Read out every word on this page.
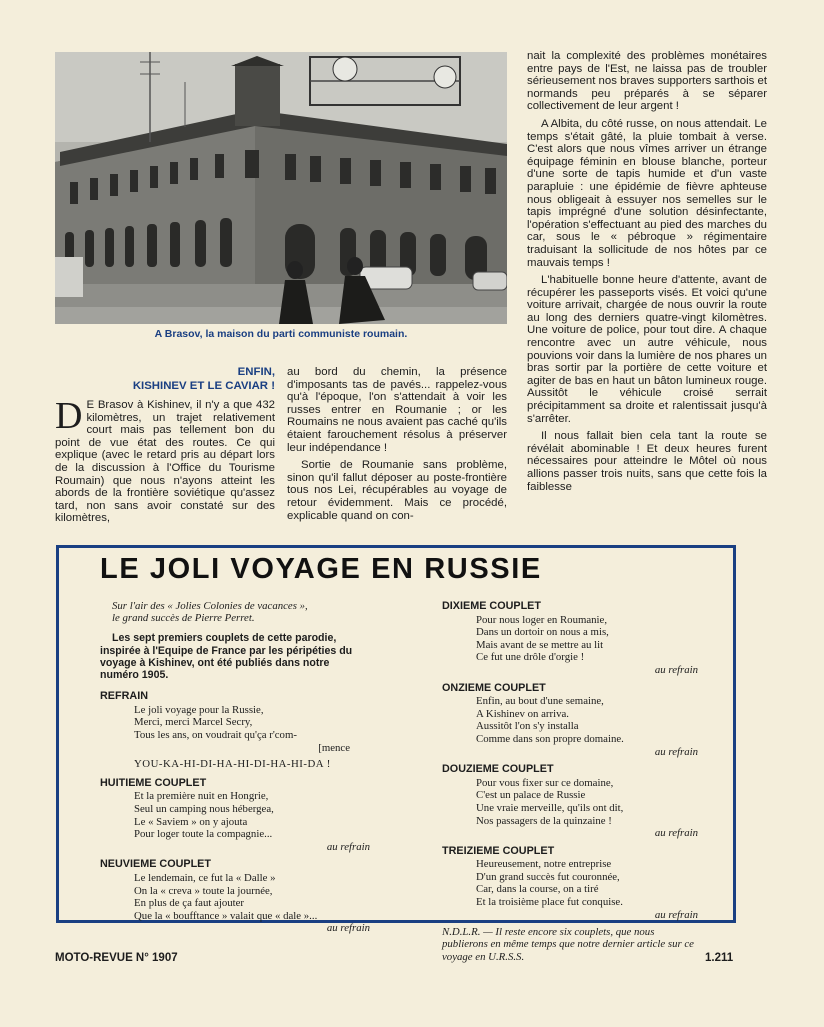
A Brasov, la maison du parti communiste roumain.
ENFIN,
KISHINEV ET LE CAVIAR !

D E Brasov à Kishinev, il n'y a que 432 kilomètres, un trajet relativement court mais pas tellement bon du point de vue état des routes. Ce qui explique (avec le retard pris au départ lors de la discussion à l'Office du Tourisme Roumain) que nous n'ayons atteint les abords de la frontière soviétique qu'assez tard, non sans avoir constaté sur des kilomètres,

au bord du chemin, la présence d'imposants tas de pavés... rappelez-vous qu'à l'époque, l'on s'attendait à voir les russes entrer en Roumanie ; or les Roumains ne nous avaient pas caché qu'ils étaient farouchement résolus à préserver leur indépendance !

Sortie de Roumanie sans problème, sinon qu'il fallut déposer au poste-frontière tous nos Lei, récupérables au voyage de retour évidemment. Mais ce procédé, explicable quand on con-

nait la complexité des problèmes monétaires entre pays de l'Est, ne laissa pas de troubler sérieusement nos braves supporters sarthois et normands peu préparés à se séparer collectivement de leur argent !

A Albita, du côté russe, on nous attendait. Le temps s'était gâté, la pluie tombait à verse. C'est alors que nous vîmes arriver un étrange équipage féminin en blouse blanche, porteur d'une sorte de tapis humide et d'un vaste parapluie : une épidémie de fièvre aphteuse nous obligeait à essuyer nos semelles sur le tapis imprégné d'une solution désinfectante, l'opération s'effectuant au pied des marches du car, sous le « pébroque » régimentaire traduisant la sollicitude de nos hôtes par ce mauvais temps !

L'habituelle bonne heure d'attente, avant de récupérer les passeports visés. Et voici qu'une voiture arrivait, chargée de nous ouvrir la route au long des derniers quatre-vingt kilomètres. Une voiture de police, pour tout dire. A chaque rencontre avec un autre véhicule, nous pouvions voir dans la lumière de nos phares un bras sortir par la portière de cette voiture et agiter de bas en haut un bâton lumineux rouge. Aussitôt le véhicule croisé serrait précipitamment sa droite et ralentissait jusqu'à s'arrêter.

Il nous fallait bien cela tant la route se révélait abominable ! Et deux heures furent nécessaires pour atteindre le Môtel où nous allions passer trois nuits, sans que cette fois la faiblesse

LE JOLI VOYAGE EN RUSSIE
Sur l'air des « Jolies Colonies de vacances »,
le grand succès de Pierre Perret.
Les sept premiers couplets de cette parodie, inspirée à l'Equipe de France par les péripéties du voyage à Kishinev, ont été publiés dans notre numéro 1905.
REFRAIN
Le joli voyage pour la Russie,
Merci, merci Marcel Secry,
Tous les ans, on voudrait qu'ça r'com-
[mence
YOU-KA-HI-DI-HA-HI-DI-HA-HI-DA !
HUITIEME COUPLET
Et la première nuit en Hongrie,
Seul un camping nous hébergea,
Le « Saviem » on y ajouta
Pour loger toute la compagnie...
au refrain
NEUVIEME COUPLET
Le lendemain, ce fut la « Dalle »
On la « creva » toute la journée,
En plus de ça faut ajouter
Que la « boufftance » valait que « dale »...
au refrain
DIXIEME COUPLET
Pour nous loger en Roumanie,
Dans un dortoir on nous a mis,
Mais avant de se mettre au lit
Ce fut une drôle d'orgie !
au refrain
ONZIEME COUPLET
Enfin, au bout d'une semaine,
A Kishinev on arriva.
Aussitôt l'on s'y installa
Comme dans son propre domaine.
au refrain
DOUZIEME COUPLET
Pour vous fixer sur ce domaine,
C'est un palace de Russie
Une vraie merveille, qu'ils ont dit,
Nos passagers de la quinzaine !
au refrain
TREIZIEME COUPLET
Heureusement, notre entreprise
D'un grand succès fut couronnée,
Car, dans la course, on a tiré
Et la troisième place fut conquise.
au refrain
N.D.L.R. — Il reste encore six couplets, que nous publierons en même temps que notre dernier article sur ce voyage en U.R.S.S.
MOTO-REVUE N° 1907	1.211
